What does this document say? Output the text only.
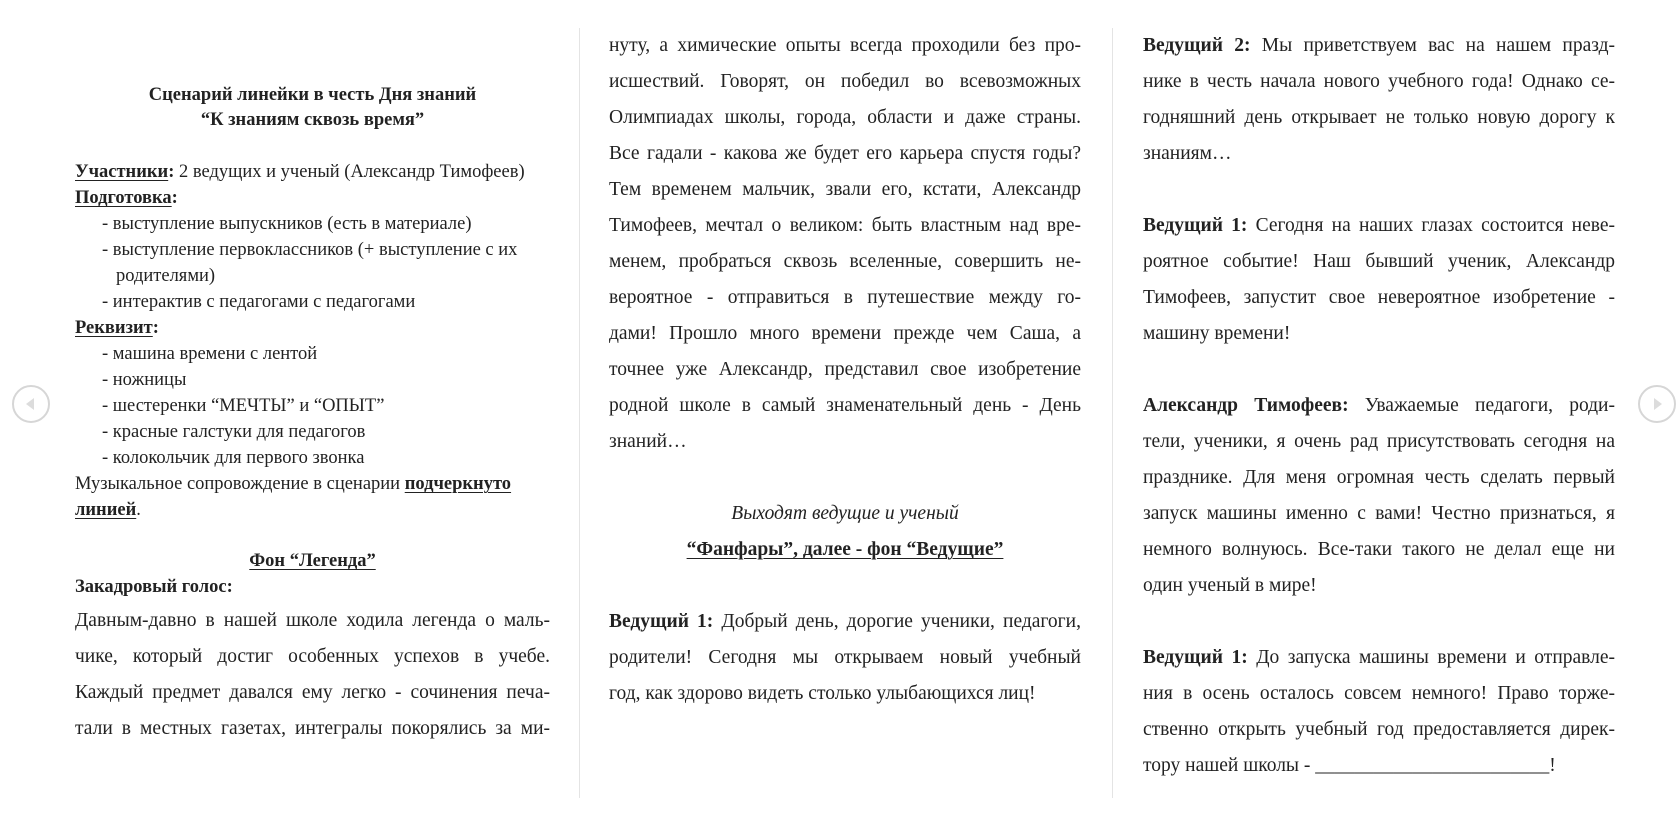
Сценарий линейки в честь Дня знаний
“К знаниям сквозь время”
Участники: 2 ведущих и ученый (Александр Тимофеев)
Подготовка:
- выступление выпускников (есть в материале)
- выступление первоклассников (+ выступление с их
родителями)
- интерактив с педагогами с педагогами
Реквизит:
- машина времени с лентой
- ножницы
- шестеренки “МЕЧТЫ” и “ОПЫТ”
- красные галстуки для педагогов
- колокольчик для первого звонка
Музыкальное сопровождение в сценарии подчеркнуто
линией.
Фон “Легенда”
Закадровый голос:
Давным-давно в нашей школе ходила легенда о маль-
чике, который достиг особенных успехов в учебе.
Каждый предмет давался ему легко - сочинения печа-
тали в местных газетах, интегралы покорялись за ми-
нуту, а химические опыты всегда проходили без про-
исшествий. Говорят, он победил во всевозможных
Олимпиадах школы, города, области и даже страны.
Все гадали - какова же будет его карьера спустя годы?
Тем временем мальчик, звали его, кстати, Александр
Тимофеев, мечтал о великом: быть властным над вре-
менем, пробраться сквозь вселенные, совершить не-
вероятное - отправиться в путешествие между го-
дами! Прошло много времени прежде чем Саша, а
точнее уже Александр, представил свое изобретение
родной школе в самый знаменательный день - День
знаний…
Выходят ведущие и ученый
“Фанфары”, далее - фон “Ведущие”
Ведущий 1: Добрый день, дорогие ученики, педагоги,
родители! Сегодня мы открываем новый учебный
год, как здорово видеть столько улыбающихся лиц!
Ведущий 2: Мы приветствуем вас на нашем празд-
нике в честь начала нового учебного года! Однако се-
годняшний день открывает не только новую дорогу к
знаниям…
Ведущий 1: Сегодня на наших глазах состоится неве-
роятное событие! Наш бывший ученик, Александр
Тимофеев, запустит свое невероятное изобретение -
машину времени!
Александр Тимофеев: Уважаемые педагоги, роди-
тели, ученики, я очень рад присутствовать сегодня на
празднике. Для меня огромная честь сделать первый
запуск машины именно с вами! Честно признаться, я
немного волнуюсь. Все-таки такого не делал еще ни
один ученый в мире!
Ведущий 1: До запуска машины времени и отправле-
ния в осень осталось совсем немного! Право торже-
ственно открыть учебный год предоставляется дирек-
тору нашей школы - ________________________!
